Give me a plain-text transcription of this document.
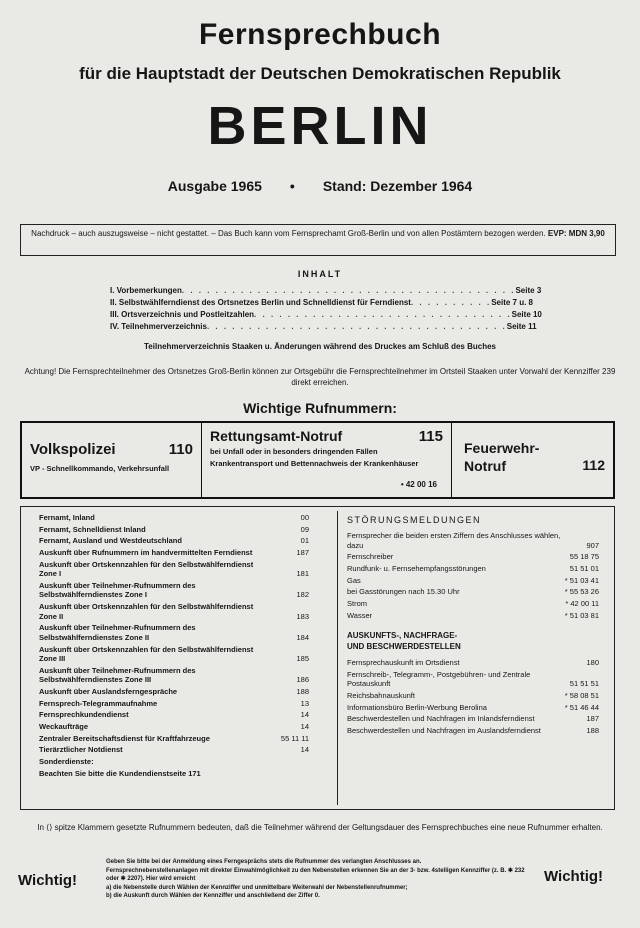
Fernsprechbuch
für die Hauptstadt der Deutschen Demokratischen Republik
BERLIN
Ausgabe 1965 • Stand: Dezember 1964
Nachdruck – auch auszugsweise – nicht gestattet. – Das Buch kann vom Fernsprechamt Groß-Berlin und von allen Postämtern bezogen werden. EVP: MDN 3,90
INHALT
I. Vorbemerkungen . . . . . . . . . . . . . . . . . . . . . . . . . . . . . . . . . . . . . . . . Seite 3
II. Selbstwählferndienst des Ortsnetzes Berlin und Schnelldienst für Ferndienst . . . . . . . . . . Seite 7 u. 8
III. Ortsverzeichnis und Postleitzahlen . . . . . . . . . . . . . . . . . . . . . . . . . . . . . . . Seite 10
IV. Teilnehmerverzeichnis . . . . . . . . . . . . . . . . . . . . . . . . . . . . . . . . . . . . Seite 11
Teilnehmerverzeichnis Staaken u. Änderungen während des Druckes am Schluß des Buches
Achtung! Die Fernsprechteilnehmer des Ortsnetzes Groß-Berlin können zur Ortsgebühr die Fernsprechteilnehmer im Ortsteil Staaken unter Vorwahl der Kennziffer 239 direkt erreichen.
Wichtige Rufnummern:
Volkspolizei	110
VP - Schnellkommando, Verkehrsunfall
Rettungsamt-Notruf	115
bei Unfall oder in besonders dringenden Fällen
Krankentransport und Bettennachweis der Krankenhäuser
• 42 00 16
Feuerwehr-
Notruf	112
Fernamt, Inland	00
Fernamt, Schnelldienst Inland	09
Fernamt, Ausland und Westdeutschland	01
Auskunft über Rufnummern im handvermittelten Ferndienst	187
Auskunft über Ortskennzahlen für den Selbstwählferndienst Zone I	181
Auskunft über Teilnehmer-Rufnummern des Selbstwählferndienstes Zone I	182
Auskunft über Ortskennzahlen für den Selbstwählferndienst Zone II	183
Auskunft über Teilnehmer-Rufnummern des Selbstwählferndienstes Zone II	184
Auskunft über Ortskennzahlen für den Selbstwählferndienst Zone III	185
Auskunft über Teilnehmer-Rufnummern des Selbstwählferndienstes Zone III	186
Auskunft über Auslandsferngespräche	188
Fernsprech-Telegrammaufnahme	13
Fernsprechkundendienst	14
Weckaufträge	14
Zentraler Bereitschaftsdienst für Kraftfahrzeuge	55 11 11
Tierärztlicher Notdienst	14
Sonderdienste:
Beachten Sie bitte die Kundendienstseite 171
STÖRUNGSMELDUNGEN
Fernsprecher die beiden ersten Ziffern des Anschlusses wählen, dazu	907
Fernschreiber	55 18 75
Rundfunk- u. Fernsehempfangsstörungen	51 51 01
Gas	* 51 03 41
bei Gasstörungen nach 15.30 Uhr	* 55 53 26
Strom	* 42 00 11
Wasser	* 51 03 81
AUSKUNFTS-, NACHFRAGE-
UND BESCHWERDESTELLEN
Fernsprechauskunft im Ortsdienst	180
Fernschreib-, Telegramm-, Postgebühren- und Zentrale Postauskunft	51 51 51
Reichsbahnauskunft	* 58 08 51
Informationsbüro Berlin-Werbung Berolina	* 51 46 44
Beschwerdestellen und Nachfragen im Inlandsferndienst	187
Beschwerdestellen und Nachfragen im Auslandsferndienst	188
In ⟨⟩ spitze Klammern gesetzte Rufnummern bedeuten, daß die Teilnehmer während der Geltungsdauer des Fernsprechbuches eine neue Rufnummer erhalten.
Wichtig!	Wichtig!
Geben Sie bitte bei der Anmeldung eines Ferngesprächs stets die Rufnummer des verlangten Anschlusses an.
Fernsprechnebenstellenanlagen mit direkter Einwahlmöglichkeit zu den Nebenstellen erkennen Sie an der 3- bzw. 4stelligen Kennziffer (z. B. ✱ 232 oder ✱ 2207). Hier wird erreicht
a) die Nebenstelle durch Wählen der Kennziffer und unmittelbare Weiterwahl der Nebenstellenrufnummer;
b) die Auskunft durch Wählen der Kennziffer und anschließend der Ziffer 0.
